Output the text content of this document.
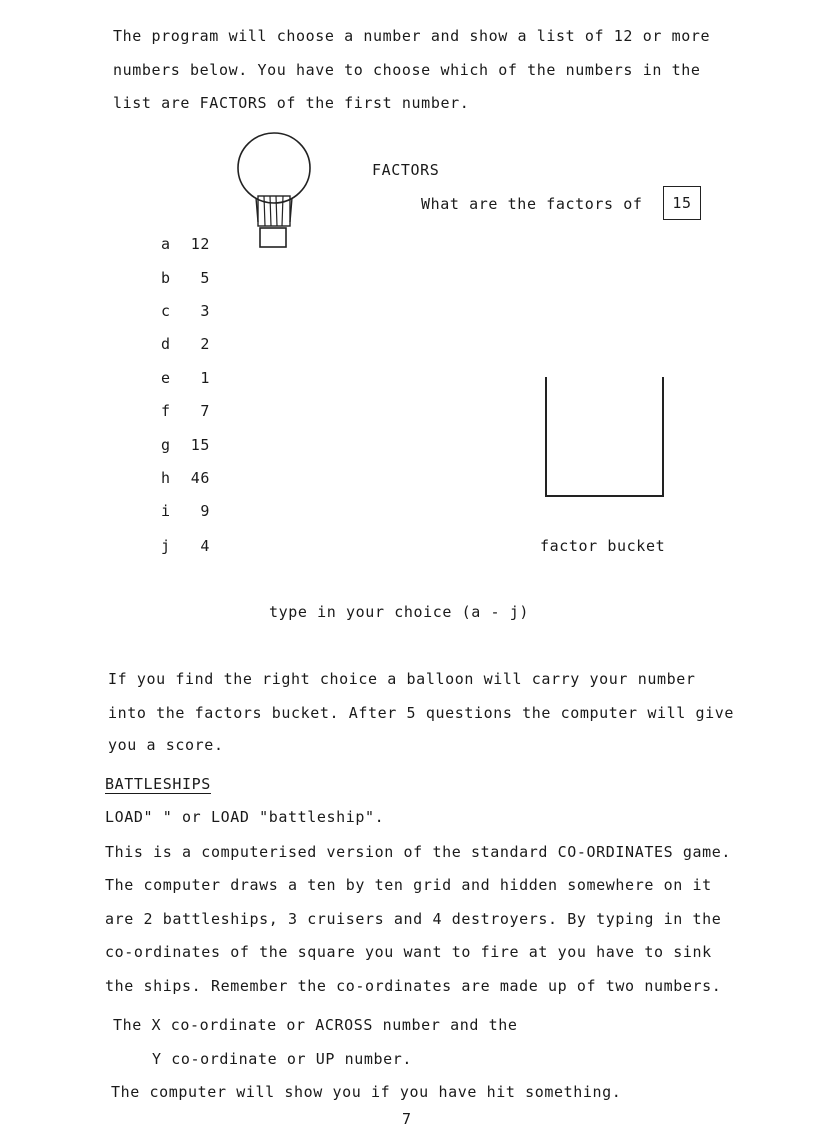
The program will choose a number and show a list of 12 or more
numbers below. You have to choose which of the numbers in the
list are FACTORS of the first number.
FACTORS
What are the factors of 15
a	12
b	5
c	3
d	2
e	1
f	7
g	15
h	46
i	9
j	4	factor bucket
type in your choice (a - j)
If you find the right choice a balloon will carry your number
into the factors bucket. After 5 questions the computer will give
you a score.
BATTLESHIPS
LOAD" " or LOAD "battleship".
This is a computerised version of the standard CO-ORDINATES game.
The computer draws a ten by ten grid and hidden somewhere on it
are 2 battleships, 3 cruisers and 4 destroyers. By typing in the
co-ordinates of the square you want to fire at you have to sink
the ships. Remember the co-ordinates are made up of two numbers.
The X co-ordinate or ACROSS number and the
Y co-ordinate or UP number.
The computer will show you if you have hit something.
7
